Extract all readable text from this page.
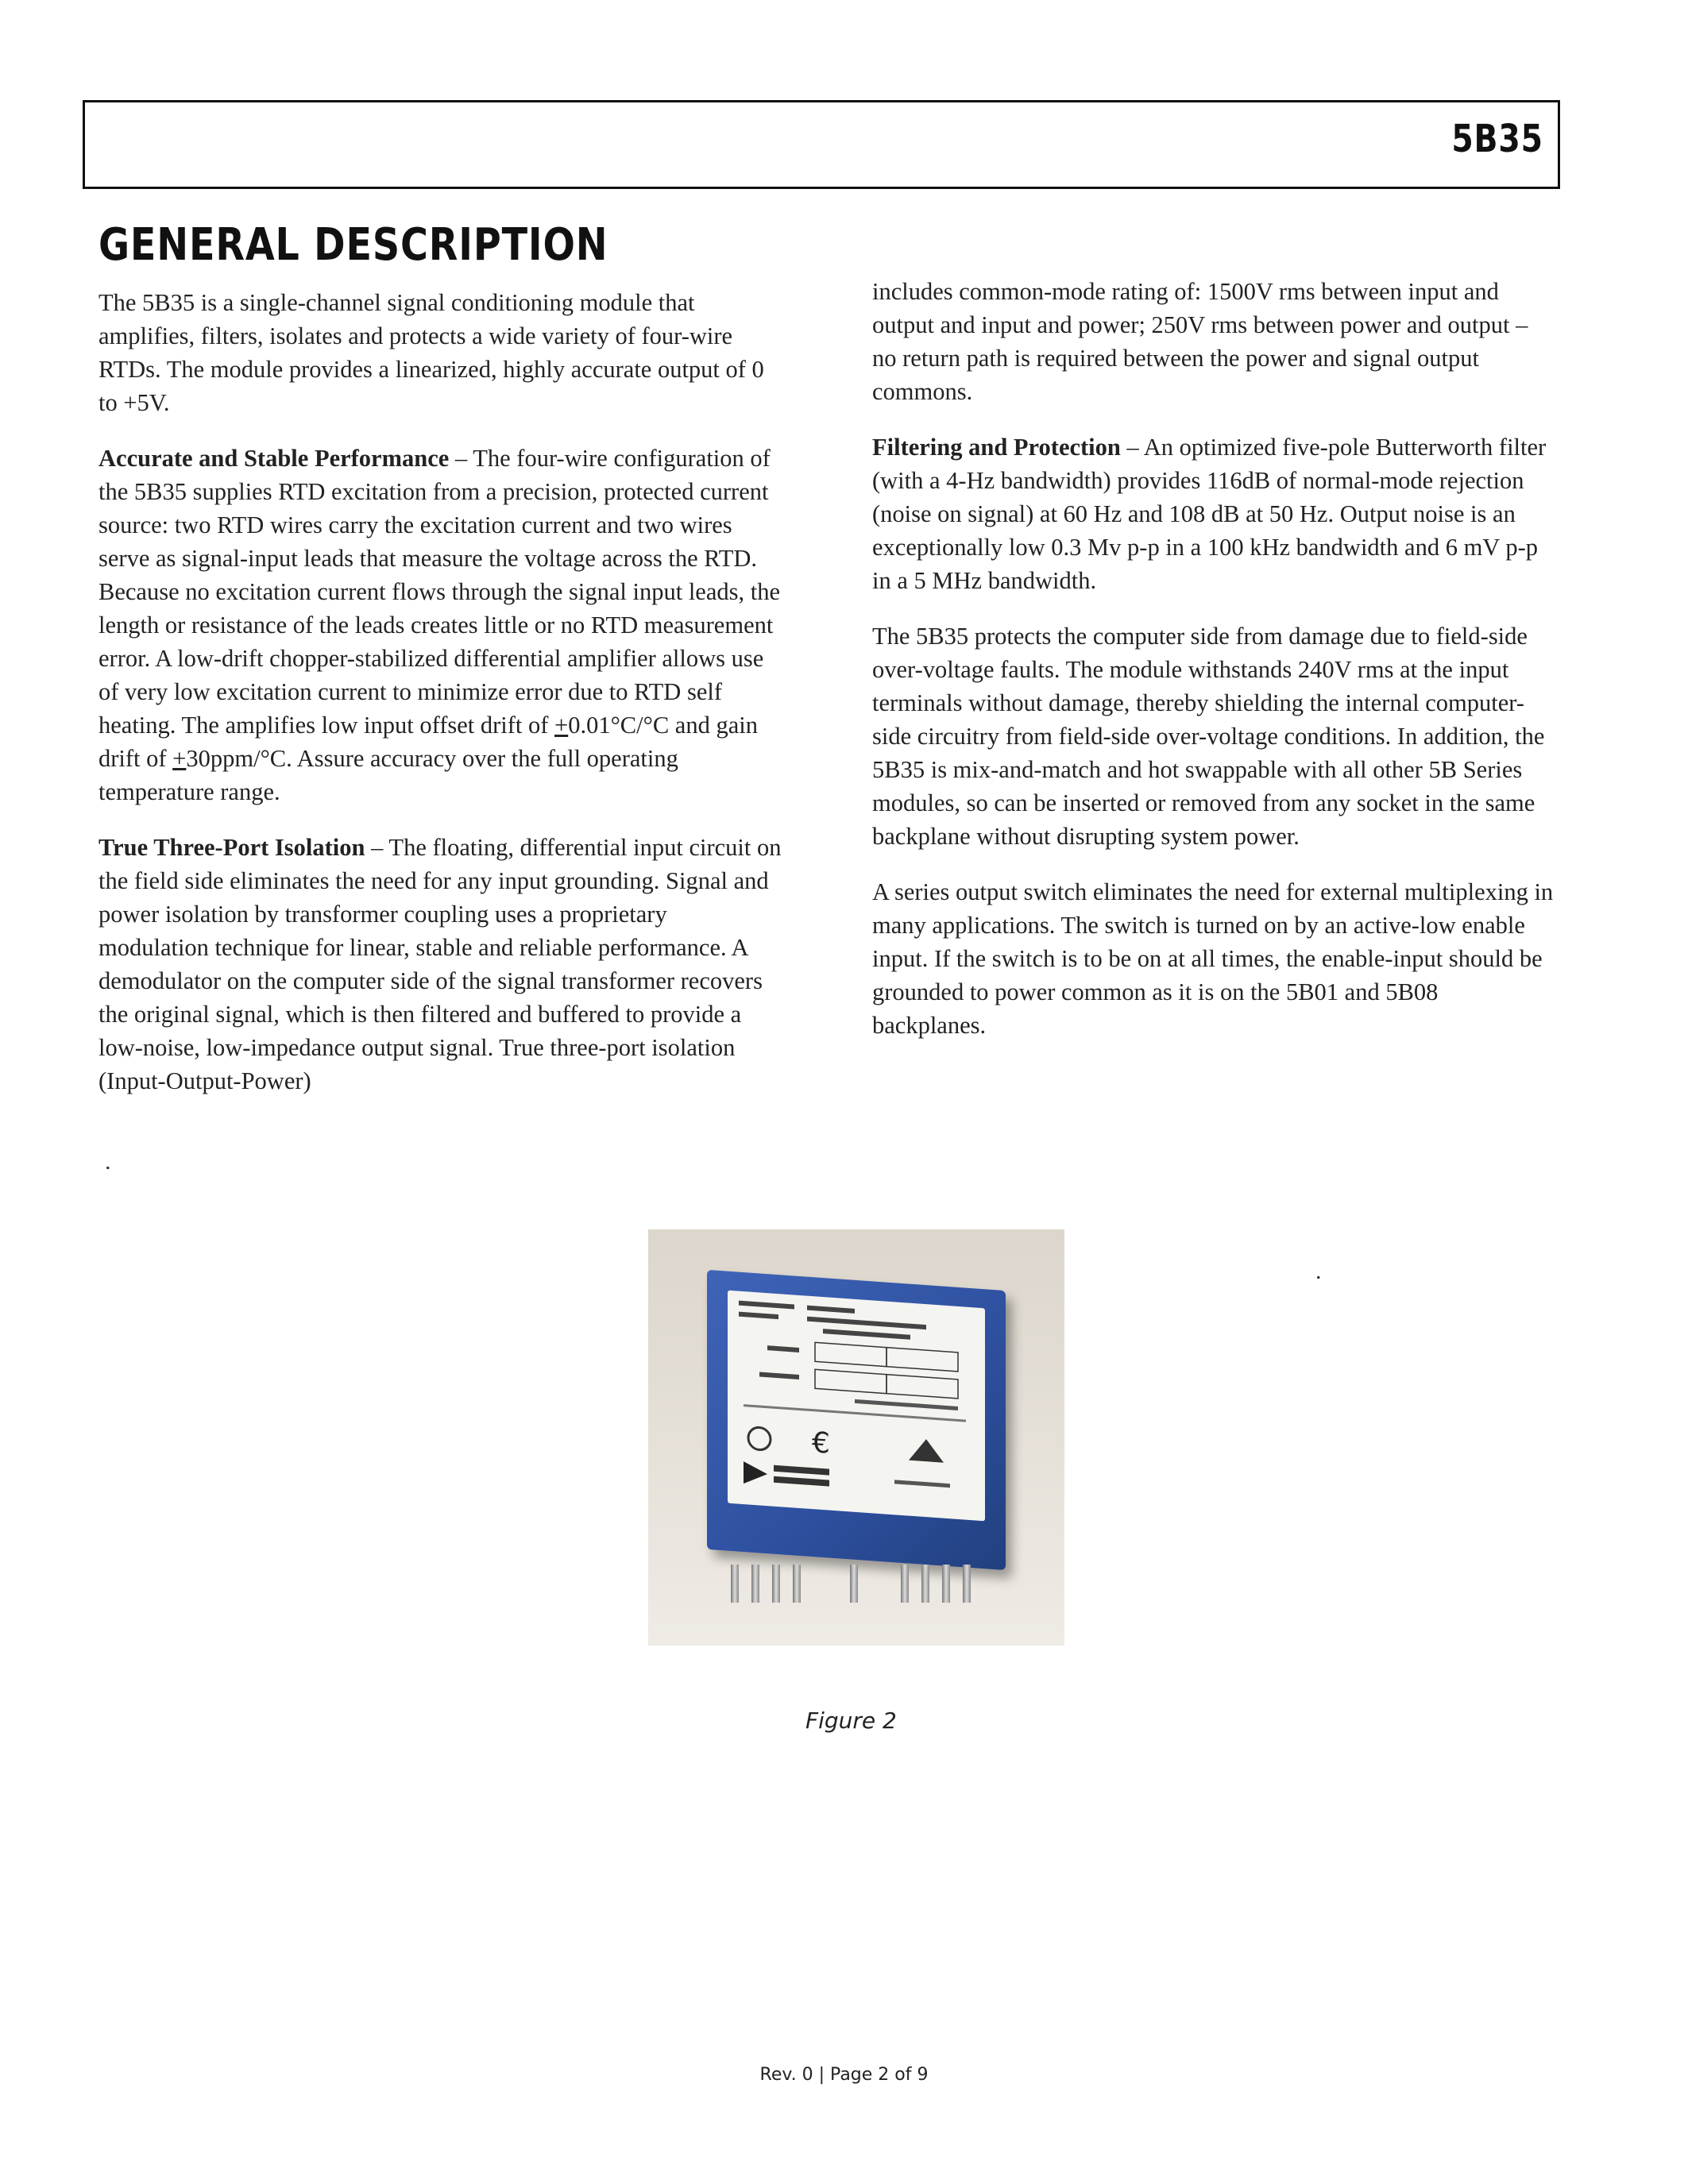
5B35
GENERAL DESCRIPTION

The 5B35 is a single-channel signal conditioning module that amplifies, filters, isolates and protects a wide variety of four-wire RTDs. The module provides a linearized, highly accurate output of 0 to +5V.

Accurate and Stable Performance – The four-wire configuration of the 5B35 supplies RTD excitation from a precision, protected current source: two RTD wires carry the excitation current and two wires serve as signal-input leads that measure the voltage across the RTD. Because no excitation current flows through the signal input leads, the length or resistance of the leads creates little or no RTD measurement error. A low-drift chopper-stabilized differential amplifier allows use of very low excitation current to minimize error due to RTD self heating. The amplifies low input offset drift of +0.01°C/°C and gain drift of +30ppm/°C. Assure accuracy over the full operating temperature range.

True Three-Port Isolation – The floating, differential input circuit on the field side eliminates the need for any input grounding. Signal and power isolation by transformer coupling uses a proprietary modulation technique for linear, stable and reliable performance. A demodulator on the computer side of the signal transformer recovers the original signal, which is then filtered and buffered to provide a low-noise, low-impedance output signal. True three-port isolation (Input-Output-Power)

includes common-mode rating of: 1500V rms between input and output and input and power; 250V rms between power and output – no return path is required between the power and signal output commons.

Filtering and Protection – An optimized five-pole Butterworth filter (with a 4-Hz bandwidth) provides 116dB of normal-mode rejection (noise on signal) at 60 Hz and 108 dB at 50 Hz. Output noise is an exceptionally low 0.3 Mv p-p in a 100 kHz bandwidth and 6 mV p-p in a 5 MHz bandwidth.

The 5B35 protects the computer side from damage due to field-side over-voltage faults. The module withstands 240V rms at the input terminals without damage, thereby shielding the internal computer-side circuitry from field-side over-voltage conditions. In addition, the 5B35 is mix-and-match and hot swappable with all other 5B Series modules, so can be inserted or removed from any socket in the same backplane without disrupting system power.

A series output switch eliminates the need for external multiplexing in many applications. The switch is turned on by an active-low enable input. If the switch is to be on at all times, the enable-input should be grounded to power common as it is on the 5B01 and 5B08 backplanes.

.
.
€
Figure 2
Rev. 0 | Page 2 of 9
